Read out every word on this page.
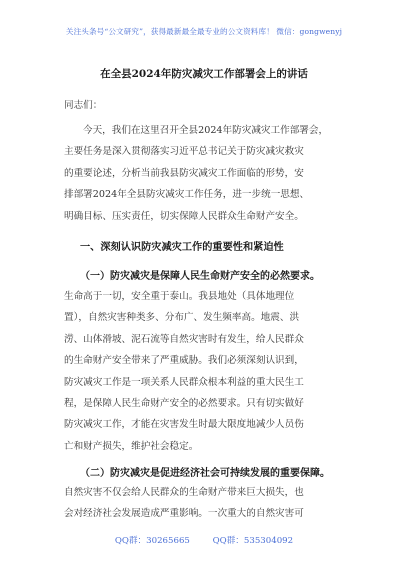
关注头条号“公文研究”，获得最新最全最专业的公文资料库！ 微信：gongwenyj
在全县2024年防灾减灾工作部署会上的讲话
同志们：
今天，我们在这里召开全县2024年防灾减灾工作部署会，
主要任务是深入贯彻落实习近平总书记关于防灾减灾救灾
的重要论述，分析当前我县防灾减灾工作面临的形势，安
排部署2024年全县防灾减灾工作任务，进一步统一思想、
明确目标、压实责任，切实保障人民群众生命财产安全。
一、深刻认识防灾减灾工作的重要性和紧迫性
（一）防灾减灾是保障人民生命财产安全的必然要求。
生命高于一切，安全重于泰山。我县地处（具体地理位
置），自然灾害种类多、分布广、发生频率高。地震、洪
涝、山体滑坡、泥石流等自然灾害时有发生，给人民群众
的生命财产安全带来了严重威胁。我们必须深刻认识到，
防灾减灾工作是一项关系人民群众根本利益的重大民生工
程，是保障人民生命财产安全的必然要求。只有切实做好
防灾减灾工作，才能在灾害发生时最大限度地减少人员伤
亡和财产损失，维护社会稳定。
（二）防灾减灾是促进经济社会可持续发展的重要保障。
自然灾害不仅会给人民群众的生命财产带来巨大损失，也
会对经济社会发展造成严重影响。一次重大的自然灾害可
QQ群：30265665	QQ群：535304092
